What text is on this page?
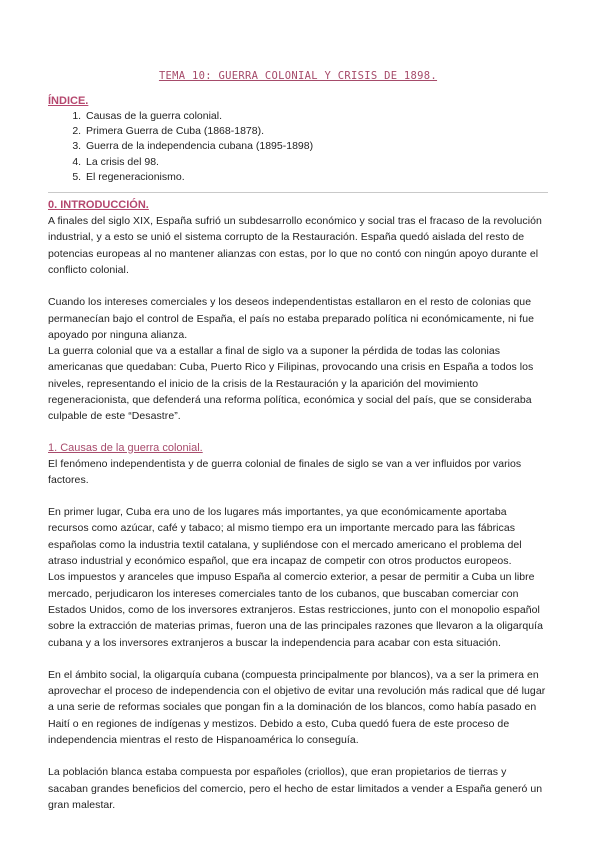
TEMA 10: GUERRA COLONIAL Y CRISIS DE 1898.
ÍNDICE.
1. Causas de la guerra colonial.
2. Primera Guerra de Cuba (1868-1878).
3. Guerra de la independencia cubana (1895-1898)
4. La crisis del 98.
5. El regeneracionismo.
0. INTRODUCCIÓN.

A finales del siglo XIX, España sufrió un subdesarrollo económico y social tras el fracaso de la revolución industrial, y a esto se unió el sistema corrupto de la Restauración. España quedó aislada del resto de potencias europeas al no mantener alianzas con estas, por lo que no contó con ningún apoyo durante el conflicto colonial.

Cuando los intereses comerciales y los deseos independentistas estallaron en el resto de colonias que permanecían bajo el control de España, el país no estaba preparado política ni económicamente, ni fue apoyado por ninguna alianza.

La guerra colonial que va a estallar a final de siglo va a suponer la pérdida de todas las colonias americanas que quedaban: Cuba, Puerto Rico y Filipinas, provocando una crisis en España a todos los niveles, representando el inicio de la crisis de la Restauración y la aparición del movimiento regeneracionista, que defenderá una reforma política, económica y social del país, que se consideraba culpable de este “Desastre”.

1. Causas de la guerra colonial.

El fenómeno independentista y de guerra colonial de finales de siglo se van a ver influidos por varios factores.

En primer lugar, Cuba era uno de los lugares más importantes, ya que económicamente aportaba recursos como azúcar, café y tabaco; al mismo tiempo era un importante mercado para las fábricas españolas como la industria textil catalana, y supliéndose con el mercado americano el problema del atraso industrial y económico español, que era incapaz de competir con otros productos europeos.

Los impuestos y aranceles que impuso España al comercio exterior, a pesar de permitir a Cuba un libre mercado, perjudicaron los intereses comerciales tanto de los cubanos, que buscaban comerciar con Estados Unidos, como de los inversores extranjeros. Estas restricciones, junto con el monopolio español sobre la extracción de materias primas, fueron una de las principales razones que llevaron a la oligarquía cubana y a los inversores extranjeros a buscar la independencia para acabar con esta situación.

En el ámbito social, la oligarquía cubana (compuesta principalmente por blancos), va a ser la primera en aprovechar el proceso de independencia con el objetivo de evitar una revolución más radical que dé lugar a una serie de reformas sociales que pongan fin a la dominación de los blancos, como había pasado en Haití o en regiones de indígenas y mestizos. Debido a esto, Cuba quedó fuera de este proceso de independencia mientras el resto de Hispanoamérica lo conseguía.

La población blanca estaba compuesta por españoles (criollos), que eran propietarios de tierras y sacaban grandes beneficios del comercio, pero el hecho de estar limitados a vender a España generó un gran malestar.
